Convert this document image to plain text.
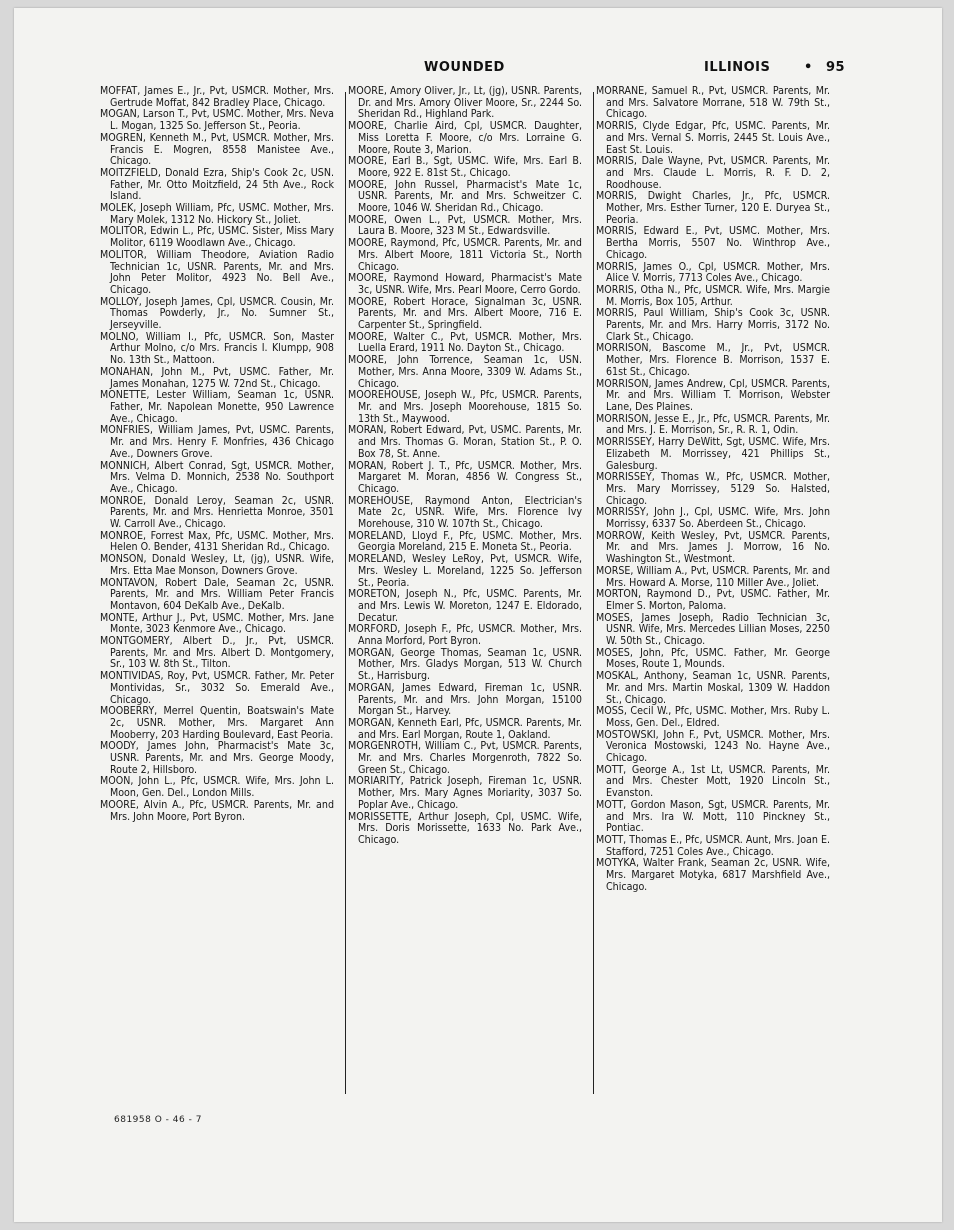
WOUNDED	ILLINOIS	• 95

MOFFAT, James E., Jr., Pvt, USMCR. Mother, Mrs. Gertrude Moffat, 842 Bradley Place, Chicago.

MOGAN, Larson T., Pvt, USMC. Mother, Mrs. Neva L. Mogan, 1325 So. Jefferson St., Peoria.

MOGREN, Kenneth M., Pvt, USMCR. Mother, Mrs. Francis E. Mogren, 8558 Manistee Ave., Chicago.

MOITZFIELD, Donald Ezra, Ship's Cook 2c, USN. Father, Mr. Otto Moitzfield, 24 5th Ave., Rock Island.

MOLEK, Joseph William, Pfc, USMC. Mother, Mrs. Mary Molek, 1312 No. Hickory St., Joliet.

MOLITOR, Edwin L., Pfc, USMC. Sister, Miss Mary Molitor, 6119 Woodlawn Ave., Chicago.

MOLITOR, William Theodore, Aviation Radio Technician 1c, USNR. Parents, Mr. and Mrs. John Peter Molitor, 4923 No. Bell Ave., Chicago.

MOLLOY, Joseph James, Cpl, USMCR. Cousin, Mr. Thomas Powderly, Jr., No. Sumner St., Jerseyville.

MOLNO, William I., Pfc, USMCR. Son, Master Arthur Molno, c/o Mrs. Francis I. Klumpp, 908 No. 13th St., Mattoon.

MONAHAN, John M., Pvt, USMC. Father, Mr. James Monahan, 1275 W. 72nd St., Chicago.

MONETTE, Lester William, Seaman 1c, USNR. Father, Mr. Napolean Monette, 950 Lawrence Ave., Chicago.

MONFRIES, William James, Pvt, USMC. Parents, Mr. and Mrs. Henry F. Monfries, 436 Chicago Ave., Downers Grove.

MONNICH, Albert Conrad, Sgt, USMCR. Mother, Mrs. Velma D. Monnich, 2538 No. Southport Ave., Chicago.

MONROE, Donald Leroy, Seaman 2c, USNR. Parents, Mr. and Mrs. Henrietta Monroe, 3501 W. Carroll Ave., Chicago.

MONROE, Forrest Max, Pfc, USMC. Mother, Mrs. Helen O. Bender, 4131 Sheridan Rd., Chicago.

MONSON, Donald Wesley, Lt, (jg), USNR. Wife, Mrs. Etta Mae Monson, Downers Grove.

MONTAVON, Robert Dale, Seaman 2c, USNR. Parents, Mr. and Mrs. William Peter Francis Montavon, 604 DeKalb Ave., DeKalb.

MONTE, Arthur J., Pvt, USMC. Mother, Mrs. Jane Monte, 3023 Kenmore Ave., Chicago.

MONTGOMERY, Albert D., Jr., Pvt, USMCR. Parents, Mr. and Mrs. Albert D. Montgomery, Sr., 103 W. 8th St., Tilton.

MONTIVIDAS, Roy, Pvt, USMCR. Father, Mr. Peter Montividas, Sr., 3032 So. Emerald Ave., Chicago.

MOOBERRY, Merrel Quentin, Boatswain's Mate 2c, USNR. Mother, Mrs. Margaret Ann Mooberry, 203 Harding Boulevard, East Peoria.

MOODY, James John, Pharmacist's Mate 3c, USNR. Parents, Mr. and Mrs. George Moody, Route 2, Hillsboro.

MOON, John L., Pfc, USMCR. Wife, Mrs. John L. Moon, Gen. Del., London Mills.

MOORE, Alvin A., Pfc, USMCR. Parents, Mr. and Mrs. John Moore, Port Byron.

MOORE, Amory Oliver, Jr., Lt, (jg), USNR. Parents, Dr. and Mrs. Amory Oliver Moore, Sr., 2244 So. Sheridan Rd., Highland Park.

MOORE, Charlie Aird, Cpl, USMCR. Daughter, Miss Loretta F. Moore, c/o Mrs. Lorraine G. Moore, Route 3, Marion.

MOORE, Earl B., Sgt, USMC. Wife, Mrs. Earl B. Moore, 922 E. 81st St., Chicago.

MOORE, John Russel, Pharmacist's Mate 1c, USNR. Parents, Mr. and Mrs. Schweitzer C. Moore, 1046 W. Sheridan Rd., Chicago.

MOORE, Owen L., Pvt, USMCR. Mother, Mrs. Laura B. Moore, 323 M St., Edwardsville.

MOORE, Raymond, Pfc, USMCR. Parents, Mr. and Mrs. Albert Moore, 1811 Victoria St., North Chicago.

MOORE, Raymond Howard, Pharmacist's Mate 3c, USNR. Wife, Mrs. Pearl Moore, Cerro Gordo.

MOORE, Robert Horace, Signalman 3c, USNR. Parents, Mr. and Mrs. Albert Moore, 716 E. Carpenter St., Springfield.

MOORE, Walter C., Pvt, USMCR. Mother, Mrs. Luella Erard, 1911 No. Dayton St., Chicago.

MOORE, John Torrence, Seaman 1c, USN. Mother, Mrs. Anna Moore, 3309 W. Adams St., Chicago.

MOOREHOUSE, Joseph W., Pfc, USMCR. Parents, Mr. and Mrs. Joseph Moorehouse, 1815 So. 13th St., Maywood.

MORAN, Robert Edward, Pvt, USMC. Parents, Mr. and Mrs. Thomas G. Moran, Station St., P. O. Box 78, St. Anne.

MORAN, Robert J. T., Pfc, USMCR. Mother, Mrs. Margaret M. Moran, 4856 W. Congress St., Chicago.

MOREHOUSE, Raymond Anton, Electrician's Mate 2c, USNR. Wife, Mrs. Florence Ivy Morehouse, 310 W. 107th St., Chicago.

MORELAND, Lloyd F., Pfc, USMC. Mother, Mrs. Georgia Moreland, 215 E. Moneta St., Peoria.

MORELAND, Wesley LeRoy, Pvt, USMCR. Wife, Mrs. Wesley L. Moreland, 1225 So. Jefferson St., Peoria.

MORETON, Joseph N., Pfc, USMC. Parents, Mr. and Mrs. Lewis W. Moreton, 1247 E. Eldorado, Decatur.

MORFORD, Joseph F., Pfc, USMCR. Mother, Mrs. Anna Morford, Port Byron.

MORGAN, George Thomas, Seaman 1c, USNR. Mother, Mrs. Gladys Morgan, 513 W. Church St., Harrisburg.

MORGAN, James Edward, Fireman 1c, USNR. Parents, Mr. and Mrs. John Morgan, 15100 Morgan St., Harvey.

MORGAN, Kenneth Earl, Pfc, USMCR. Parents, Mr. and Mrs. Earl Morgan, Route 1, Oakland.

MORGENROTH, William C., Pvt, USMCR. Parents, Mr. and Mrs. Charles Morgenroth, 7822 So. Green St., Chicago.

MORIARITY, Patrick Joseph, Fireman 1c, USNR. Mother, Mrs. Mary Agnes Moriarity, 3037 So. Poplar Ave., Chicago.

MORISSETTE, Arthur Joseph, Cpl, USMC. Wife, Mrs. Doris Morissette, 1633 No. Park Ave., Chicago.

MORRANE, Samuel R., Pvt, USMCR. Parents, Mr. and Mrs. Salvatore Morrane, 518 W. 79th St., Chicago.

MORRIS, Clyde Edgar, Pfc, USMC. Parents, Mr. and Mrs. Vernal S. Morris, 2445 St. Louis Ave., East St. Louis.

MORRIS, Dale Wayne, Pvt, USMCR. Parents, Mr. and Mrs. Claude L. Morris, R. F. D. 2, Roodhouse.

MORRIS, Dwight Charles, Jr., Pfc, USMCR. Mother, Mrs. Esther Turner, 120 E. Duryea St., Peoria.

MORRIS, Edward E., Pvt, USMC. Mother, Mrs. Bertha Morris, 5507 No. Winthrop Ave., Chicago.

MORRIS, James O., Cpl, USMCR. Mother, Mrs. Alice V. Morris, 7713 Coles Ave., Chicago.

MORRIS, Otha N., Pfc, USMCR. Wife, Mrs. Margie M. Morris, Box 105, Arthur.

MORRIS, Paul William, Ship's Cook 3c, USNR. Parents, Mr. and Mrs. Harry Morris, 3172 No. Clark St., Chicago.

MORRISON, Bascome M., Jr., Pvt, USMCR. Mother, Mrs. Florence B. Morrison, 1537 E. 61st St., Chicago.

MORRISON, James Andrew, Cpl, USMCR. Parents, Mr. and Mrs. William T. Morrison, Webster Lane, Des Plaines.

MORRISON, Jesse E., Jr., Pfc, USMCR. Parents, Mr. and Mrs. J. E. Morrison, Sr., R. R. 1, Odin.

MORRISSEY, Harry DeWitt, Sgt, USMC. Wife, Mrs. Elizabeth M. Morrissey, 421 Phillips St., Galesburg.

MORRISSEY, Thomas W., Pfc, USMCR. Mother, Mrs. Mary Morrissey, 5129 So. Halsted, Chicago.

MORRISSY, John J., Cpl, USMC. Wife, Mrs. John Morrissy, 6337 So. Aberdeen St., Chicago.

MORROW, Keith Wesley, Pvt, USMCR. Parents, Mr. and Mrs. James J. Morrow, 16 No. Washington St., Westmont.

MORSE, William A., Pvt, USMCR. Parents, Mr. and Mrs. Howard A. Morse, 110 Miller Ave., Joliet.

MORTON, Raymond D., Pvt, USMC. Father, Mr. Elmer S. Morton, Paloma.

MOSES, James Joseph, Radio Technician 3c, USNR. Wife, Mrs. Mercedes Lillian Moses, 2250 W. 50th St., Chicago.

MOSES, John, Pfc, USMC. Father, Mr. George Moses, Route 1, Mounds.

MOSKAL, Anthony, Seaman 1c, USNR. Parents, Mr. and Mrs. Martin Moskal, 1309 W. Haddon St., Chicago.

MOSS, Cecil W., Pfc, USMC. Mother, Mrs. Ruby L. Moss, Gen. Del., Eldred.

MOSTOWSKI, John F., Pvt, USMCR. Mother, Mrs. Veronica Mostowski, 1243 No. Hayne Ave., Chicago.

MOTT, George A., 1st Lt, USMCR. Parents, Mr. and Mrs. Chester Mott, 1920 Lincoln St., Evanston.

MOTT, Gordon Mason, Sgt, USMCR. Parents, Mr. and Mrs. Ira W. Mott, 110 Pinckney St., Pontiac.

MOTT, Thomas E., Pfc, USMCR. Aunt, Mrs. Joan E. Stafford, 7251 Coles Ave., Chicago.

MOTYKA, Walter Frank, Seaman 2c, USNR. Wife, Mrs. Margaret Motyka, 6817 Marshfield Ave., Chicago.

681958 O - 46 - 7
